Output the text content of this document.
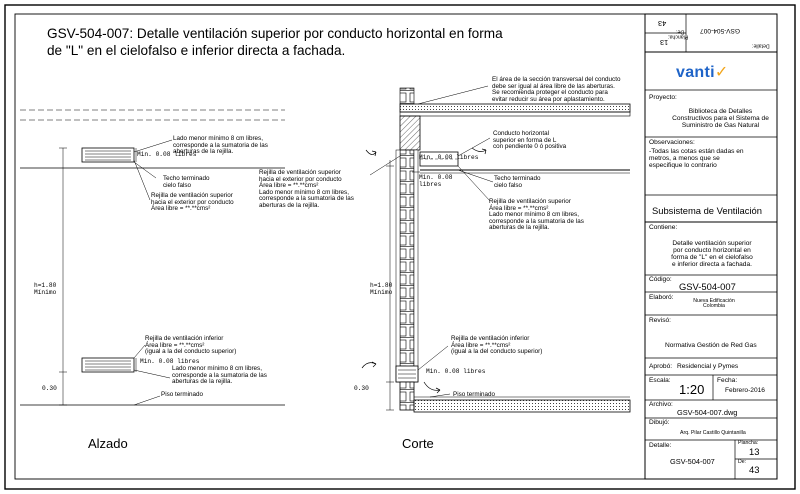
GSV-504-007: Detalle ventilación superior por conducto horizontal en forma de "L" en el cielofalso e inferior directa a fachada.
Lado menor mínimo 8 cm libres,
corresponde a la sumatoria de las
aberturas de la rejilla.
Min. 0.08 libres
Techo terminado
cielo falso
Rejilla de ventilación superior
hacia el exterior por conducto
Área libre = **.**cms²
h=1.80
Mínimo
Rejilla de ventilación inferior
Área libre = **.**cms²
(igual a la del conducto superior)
Min. 0.08 libres
Lado menor mínimo 8 cm libres,
corresponde a la sumatoria de las
aberturas de la rejilla.
0.30
Piso terminado
Alzado
El área de la sección transversal del conducto
debe ser igual al área libre de las aberturas.
Se recomienda proteger el conducto para
evitar reducir su área por aplastamiento.
Conducto horizontal
superior en forma de L
con pendiente 0 ó positiva
Min. 0.08 libres
Min. 0.08
libres
Techo terminado
cielo falso
Rejilla de ventilación superior
hacia el exterior por conducto
Área libre = **.**cms²
Lado menor mínimo 8 cm libres,
corresponde a la sumatoria de las
aberturas de la rejilla.
Rejilla de ventilación superior
Área libre = **.**cms²
Lado menor mínimo 8 cm libres,
corresponde a la sumatoria de las
aberturas de la rejilla.
h=1.80
Mínimo
Rejilla de ventilación inferior
Área libre = **.**cms²
(igual a la del conducto superior)
Min. 0.08 libres
0.30
Piso terminado
Corte
43
Plancha:
13
De: GSV-504-007
Detalle:
vanti✓
Proyecto:
Biblioteca de Detalles
Constructivos para el Sistema de
Suministro de Gas Natural
Observaciones:
-Todas las cotas están dadas en
metros, a menos que se
especifique lo contrario
Subsistema de Ventilación
Contiene:
Detalle ventilación superior
por conducto horizontal en
forma de "L" en el cielofalso
e inferior directa a fachada.
Código:
GSV-504-007
Elaboró:	Nueva Edificación
Colombia
Revisó:
Normativa Gestión de Red Gas
Aprobó: Residencial y Pymes
Escala:
1:20
Fecha:
Febrero-2016
Archivo:
GSV-504-007.dwg
Dibujó:
Arq. Pilar Castillo Quintanilla
Detalle:
GSV-504-007
Plancha:
13
De:
43
